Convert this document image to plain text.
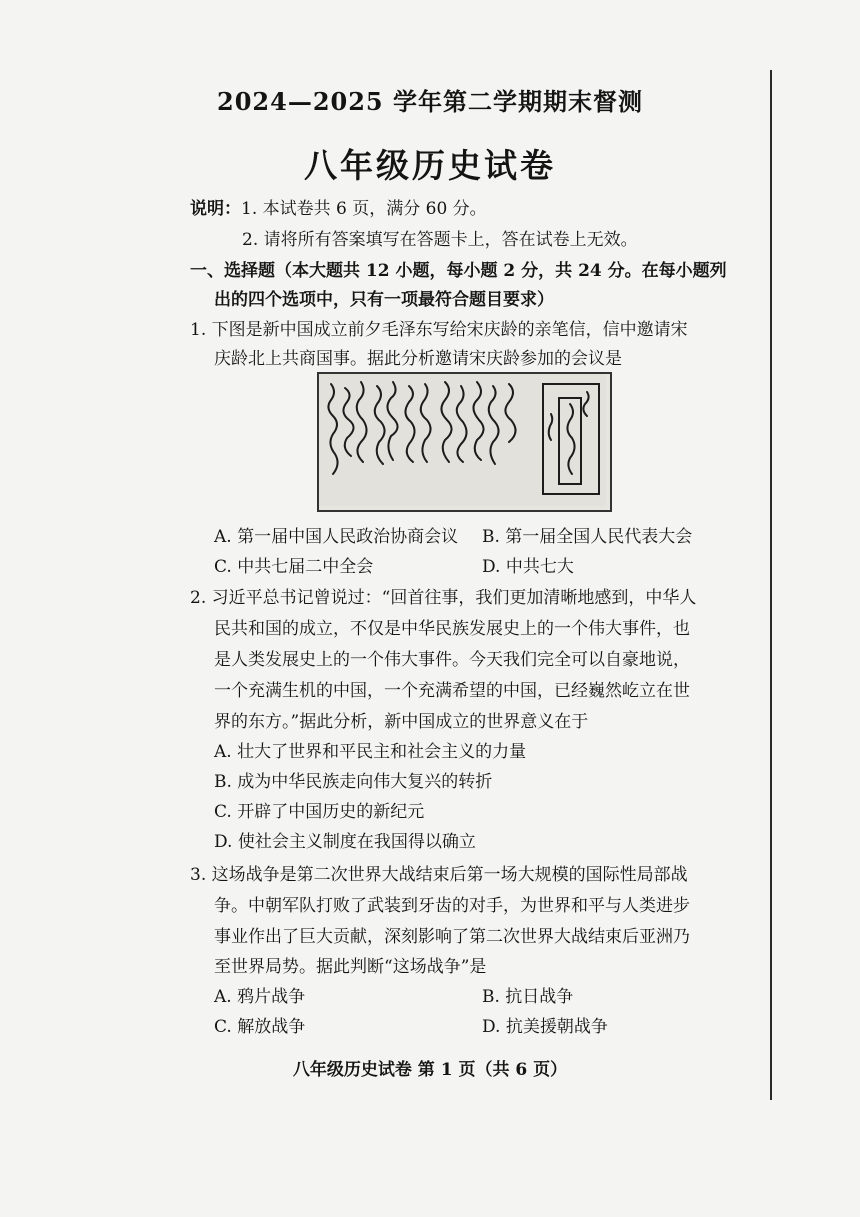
2024—2025 学年第二学期期末督测
八年级历史试卷
说明：1. 本试卷共 6 页，满分 60 分。
2. 请将所有答案填写在答题卡上，答在试卷上无效。
一、选择题（本大题共 12 小题，每小题 2 分，共 24 分。在每小题列
出的四个选项中，只有一项最符合题目要求）
1. 下图是新中国成立前夕毛泽东写给宋庆龄的亲笔信，信中邀请宋
庆龄北上共商国事。据此分析邀请宋庆龄参加的会议是
A. 第一届中国人民政治协商会议 B. 第一届全国人民代表大会
C. 中共七届二中全会	D. 中共七大
2. 习近平总书记曾说过：“回首往事，我们更加清晰地感到，中华人
民共和国的成立，不仅是中华民族发展史上的一个伟大事件，也
是人类发展史上的一个伟大事件。今天我们完全可以自豪地说，
一个充满生机的中国，一个充满希望的中国，已经巍然屹立在世
界的东方。”据此分析，新中国成立的世界意义在于
A. 壮大了世界和平民主和社会主义的力量
B. 成为中华民族走向伟大复兴的转折
C. 开辟了中国历史的新纪元
D. 使社会主义制度在我国得以确立
3. 这场战争是第二次世界大战结束后第一场大规模的国际性局部战
争。中朝军队打败了武装到牙齿的对手，为世界和平与人类进步
事业作出了巨大贡献，深刻影响了第二次世界大战结束后亚洲乃
至世界局势。据此判断“这场战争”是
A. 鸦片战争	B. 抗日战争
C. 解放战争	D. 抗美援朝战争
八年级历史试卷 第 1 页（共 6 页）
